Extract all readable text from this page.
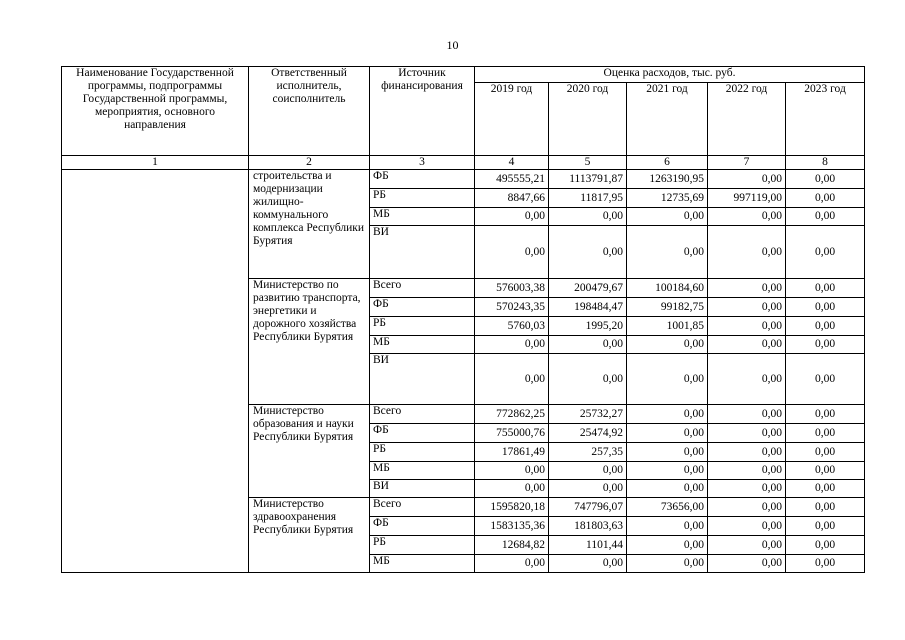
10
Наименование Государственной программы, подпрограммы Государственной программы, мероприятия, основного направления	Ответственный исполнитель, соисполнитель	Источник финансирования	Оценка расходов, тыс. руб.				
			2019 год	2020 год	2021 год	2022 год	2023 год
1	2	3	4	5	6	7	8
	строительства и модернизации жилищно-коммунального комплекса Республики Бурятия	ФБ	495555,21	1113791,87	1263190,95	0,00	0,00
		РБ	8847,66	11817,95	12735,69	997119,00	0,00
		МБ	0,00	0,00	0,00	0,00	0,00
		ВИ	0,00	0,00	0,00	0,00	0,00
	Министерство по развитию транспорта, энергетики и дорожного хозяйства Республики Бурятия	Всего	576003,38	200479,67	100184,60	0,00	0,00
		ФБ	570243,35	198484,47	99182,75	0,00	0,00
		РБ	5760,03	1995,20	1001,85	0,00	0,00
		МБ	0,00	0,00	0,00	0,00	0,00
		ВИ	0,00	0,00	0,00	0,00	0,00
	Министерство образования и науки Республики Бурятия	Всего	772862,25	25732,27	0,00	0,00	0,00
		ФБ	755000,76	25474,92	0,00	0,00	0,00
		РБ	17861,49	257,35	0,00	0,00	0,00
		МБ	0,00	0,00	0,00	0,00	0,00
		ВИ	0,00	0,00	0,00	0,00	0,00
	Министерство здравоохранения Республики Бурятия	Всего	1595820,18	747796,07	73656,00	0,00	0,00
		ФБ	1583135,36	181803,63	0,00	0,00	0,00
		РБ	12684,82	1101,44	0,00	0,00	0,00
		МБ	0,00	0,00	0,00	0,00	0,00
